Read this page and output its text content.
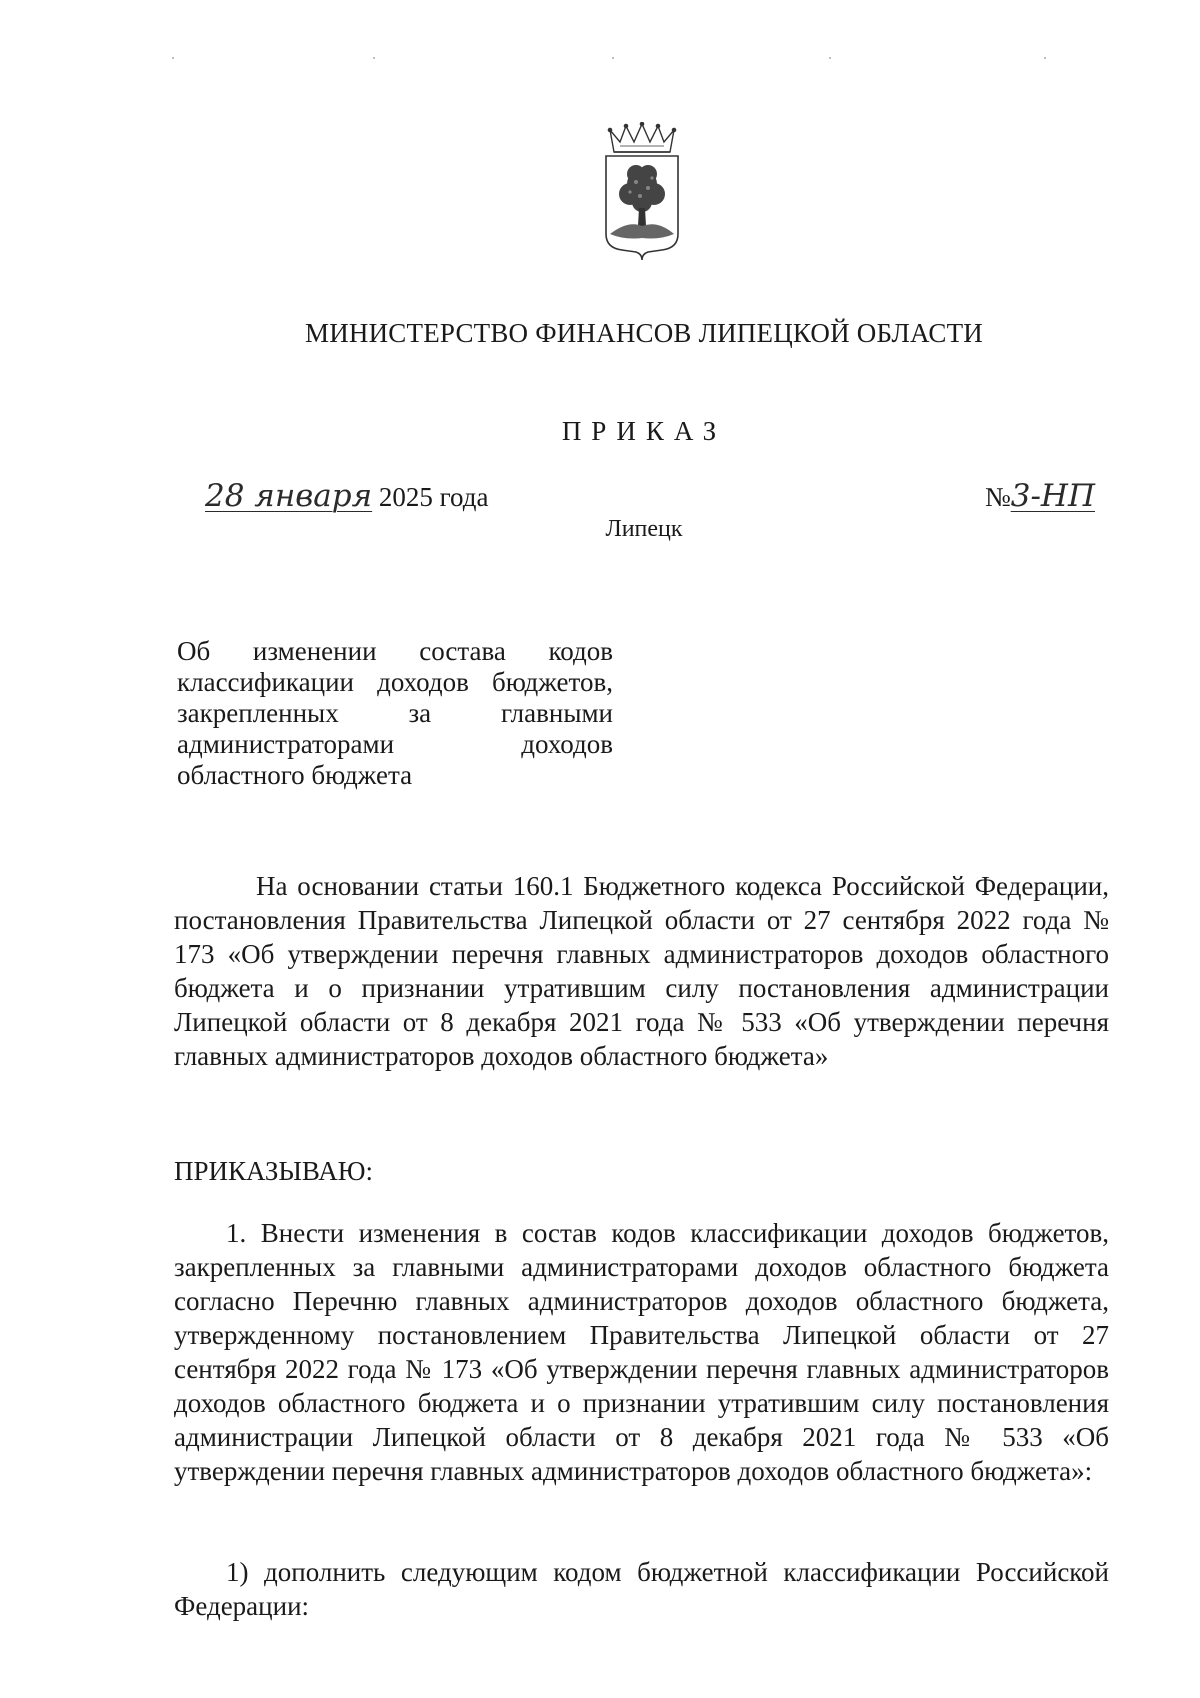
МИНИСТЕРСТВО ФИНАНСОВ ЛИПЕЦКОЙ ОБЛАСТИ
ПРИКАЗ
28 января 2025 года	№3-НП
Липецк
Об изменении состава кодов
классификации доходов бюджетов,
закрепленных за главными
администраторами доходов
областного бюджета
На основании статьи 160.1 Бюджетного кодекса Российской Федерации, постановления Правительства Липецкой области от 27 сентября 2022 года № 173 «Об утверждении перечня главных администраторов доходов областного бюджета и о признании утратившим силу постановления администрации Липецкой области от 8 декабря 2021 года № 533 «Об утверждении перечня главных администраторов доходов областного бюджета»
ПРИКАЗЫВАЮ:
1. Внести изменения в состав кодов классификации доходов бюджетов, закрепленных за главными администраторами доходов областного бюджета согласно Перечню главных администраторов доходов областного бюджета, утвержденному постановлением Правительства Липецкой области от 27 сентября 2022 года № 173 «Об утверждении перечня главных администраторов доходов областного бюджета и о признании утратившим силу постановления администрации Липецкой области от 8 декабря 2021 года № 533 «Об утверждении перечня главных администраторов доходов областного бюджета»:
1) дополнить следующим кодом бюджетной классификации Российской Федерации:
